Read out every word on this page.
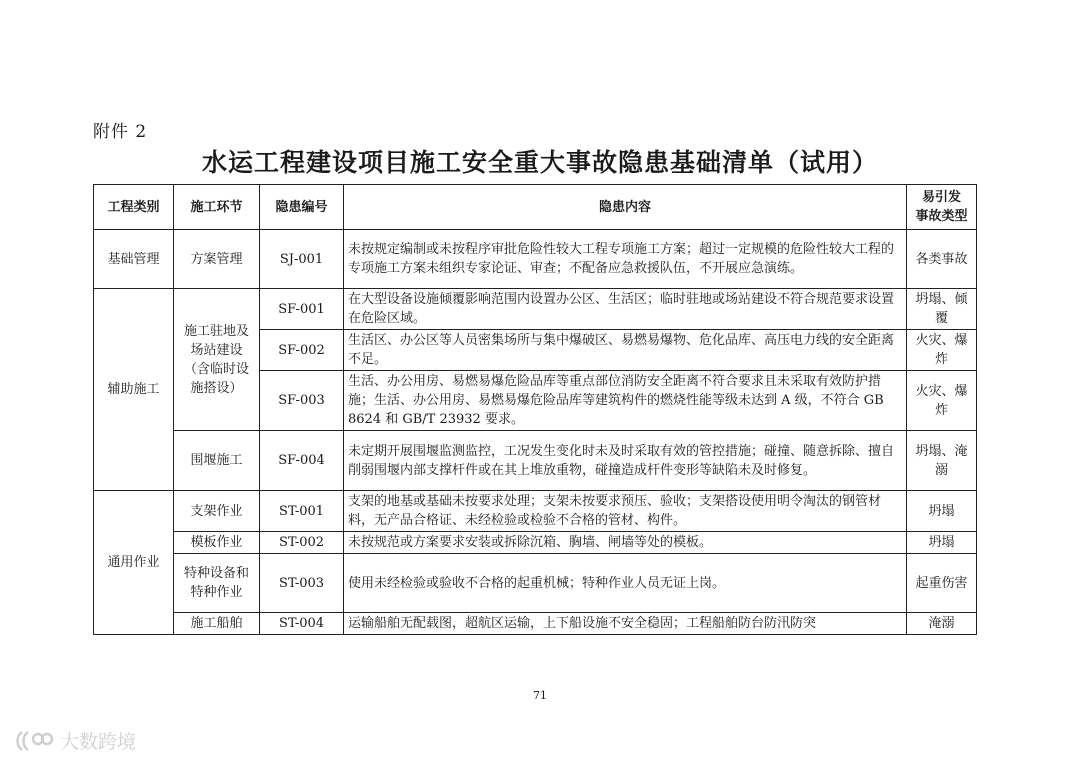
附件 2
水运工程建设项目施工安全重大事故隐患基础清单（试用）
工程类别	施工环节	隐患编号	隐患内容	易引发
事故类型
基础管理	方案管理	SJ-001	未按规定编制或未按程序审批危险性较大工程专项施工方案；超过一定规模的危险性较大工程的专项施工方案未组织专家论证、审查；不配备应急救援队伍，不开展应急演练。	各类事故
辅助施工	施工驻地及场站建设（含临时设施搭设）	SF-001	在大型设备设施倾覆影响范围内设置办公区、生活区；临时驻地或场站建设不符合规范要求设置在危险区域。	坍塌、倾覆
		SF-002	生活区、办公区等人员密集场所与集中爆破区、易燃易爆物、危化品库、高压电力线的安全距离不足。	火灾、爆炸
		SF-003	生活、办公用房、易燃易爆危险品库等重点部位消防安全距离不符合要求且未采取有效防护措施；生活、办公用房、易燃易爆危险品库等建筑构件的燃烧性能等级未达到 A 级，不符合 GB 8624 和 GB/T 23932 要求。	火灾、爆炸
	围堰施工	SF-004	未定期开展围堰监测监控，工况发生变化时未及时采取有效的管控措施；碰撞、随意拆除、擅自削弱围堰内部支撑杆件或在其上堆放重物，碰撞造成杆件变形等缺陷未及时修复。	坍塌、淹溺
通用作业	支架作业	ST-001	支架的地基或基础未按要求处理；支架未按要求预压、验收；支架搭设使用明令淘汰的钢管材料，无产品合格证、未经检验或检验不合格的管材、构件。	坍塌
	模板作业	ST-002	未按规范或方案要求安装或拆除沉箱、胸墙、闸墙等处的模板。	坍塌
	特种设备和特种作业	ST-003	使用未经检验或验收不合格的起重机械；特种作业人员无证上岗。	起重伤害
	施工船舶	ST-004	运输船舶无配载图，超航区运输，上下船设施不安全稳固；工程船舶防台防汛防突	淹溺
71
大数跨境
